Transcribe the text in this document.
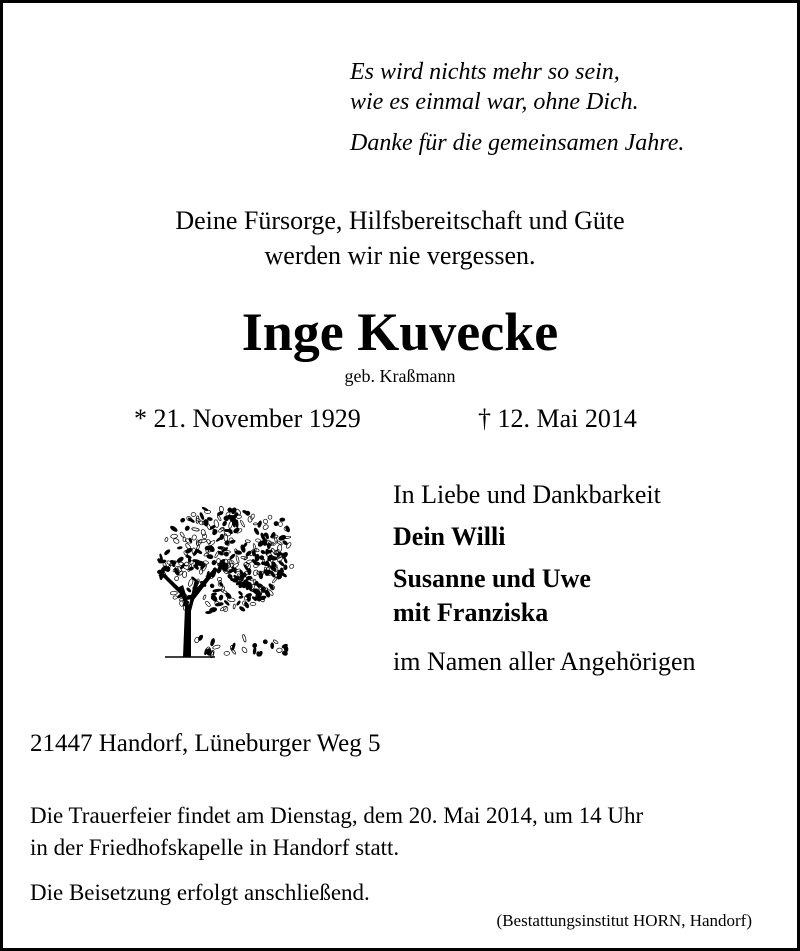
Es wird nichts mehr so sein,

wie es einmal war, ohne Dich.

Danke für die gemeinsamen Jahre.

Deine Fürsorge, Hilfsbereitschaft und Güte

werden wir nie vergessen.

Inge Kuvecke

geb. Kraßmann

* 21. November 1929	† 12. Mai 2014

In Liebe und Dankbarkeit

Dein Willi

Susanne und Uwe

mit Franziska

im Namen aller Angehörigen

21447 Handorf, Lüneburger Weg 5

Die Trauerfeier findet am Dienstag, dem 20. Mai 2014, um 14 Uhr

in der Friedhofskapelle in Handorf statt.

Die Beisetzung erfolgt anschließend.

(Bestattungsinstitut HORN, Handorf)
